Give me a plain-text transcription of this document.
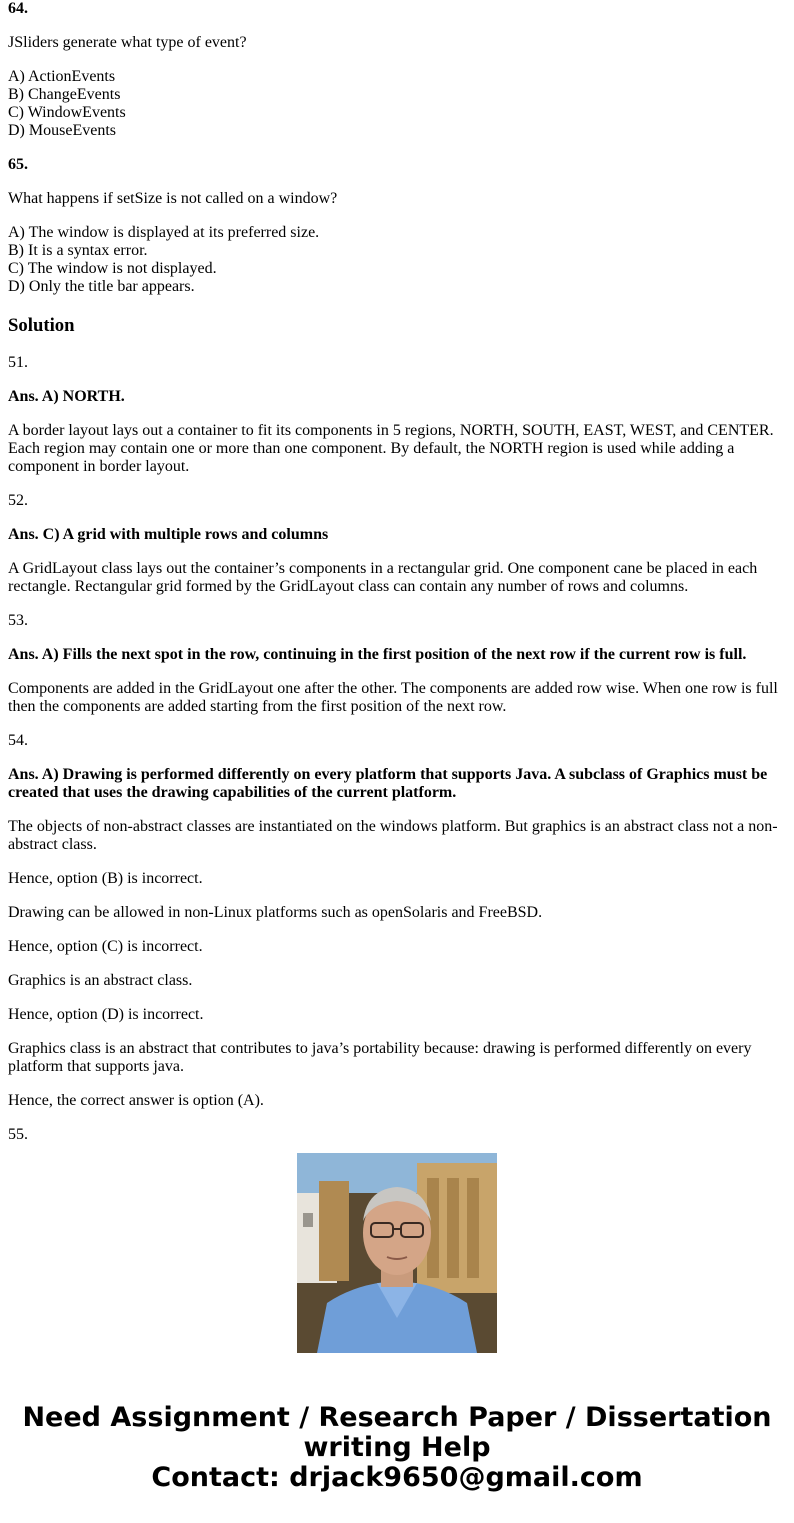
64.

JSliders generate what type of event?

A) ActionEvents
B) ChangeEvents
C) WindowEvents
D) MouseEvents

65.

What happens if setSize is not called on a window?

A) The window is displayed at its preferred size.
B) It is a syntax error.
C) The window is not displayed.
D) Only the title bar appears.
Solution

51.

Ans. A) NORTH.

A border layout lays out a container to fit its components in 5 regions, NORTH, SOUTH, EAST, WEST, and CENTER. Each region may contain one or more than one component. By default, the NORTH region is used while adding a component in border layout.

52.

Ans. C) A grid with multiple rows and columns

A GridLayout class lays out the container’s components in a rectangular grid. One component cane be placed in each rectangle. Rectangular grid formed by the GridLayout class can contain any number of rows and columns.

53.

Ans. A) Fills the next spot in the row, continuing in the first position of the next row if the current row is full.

Components are added in the GridLayout one after the other. The components are added row wise. When one row is full then the components are added starting from the first position of the next row.

54.

Ans. A) Drawing is performed differently on every platform that supports Java. A subclass of Graphics must be created that uses the drawing capabilities of the current platform.

The objects of non-abstract classes are instantiated on the windows platform. But graphics is an abstract class not a non-abstract class.

Hence, option (B) is incorrect.

Drawing can be allowed in non-Linux platforms such as openSolaris and FreeBSD.

Hence, option (C) is incorrect.

Graphics is an abstract class.

Hence, option (D) is incorrect.

Graphics class is an abstract that contributes to java’s portability because: drawing is performed differently on every platform that supports java.

Hence, the correct answer is option (A).

55.

Need Assignment / Research Paper / Dissertation writing Help
Contact: drjack9650@gmail.com
